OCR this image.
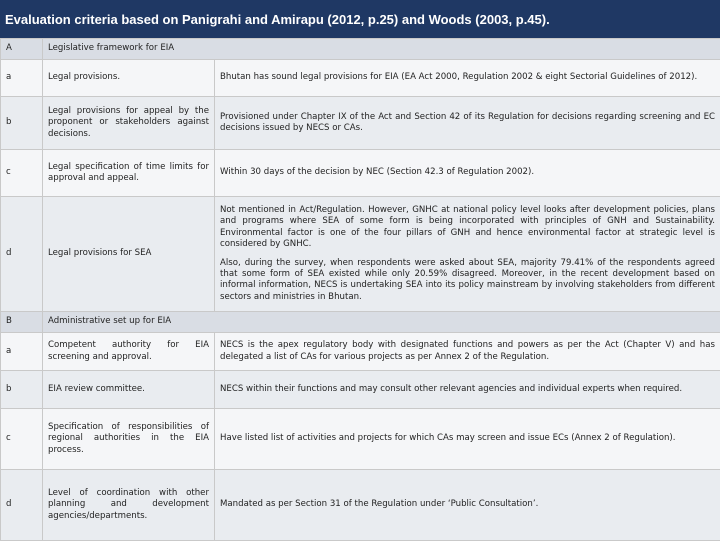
Evaluation criteria based on Panigrahi and Amirapu (2012, p.25) and Woods (2003, p.45).
A	Legislative framework for EIA	
a	Legal provisions.	Bhutan has sound legal provisions for EIA (EA Act 2000, Regulation 2002 & eight Sectorial Guidelines of 2012).

b	Legal provisions for appeal by the proponent or stakeholders against decisions.	Provisioned under Chapter IX of the Act and Section 42 of its Regulation for decisions regarding screening and EC decisions issued by NECS or CAs.

c	Legal specification of time limits for approval and appeal.	Within 30 days of the decision by NEC (Section 42.3 of Regulation 2002).

d	Legal provisions for SEA	Not mentioned in Act/Regulation. However, GNHC at national policy level looks after development policies, plans and programs where SEA of some form is being incorporated with principles of GNH and Sustainability. Environmental factor is one of the four pillars of GNH and hence environmental factor at strategic level is considered by GNHC.

Also, during the survey, when respondents were asked about SEA, majority 79.41% of the respondents agreed that some form of SEA existed while only 20.59% disagreed. Moreover, in the recent development based on informal information, NECS is undertaking SEA into its policy mainstream by involving stakeholders from different sectors and ministries in Bhutan.

B	Administrative set up for EIA	
a	Competent authority for EIA screening and approval.	NECS is the apex regulatory body with designated functions and powers as per the Act (Chapter V) and has delegated a list of CAs for various projects as per Annex 2 of the Regulation.

b	EIA review committee.	NECS within their functions and may consult other relevant agencies and individual experts when required.

c	Specification of responsibilities of regional authorities in the EIA process.	Have listed list of activities and projects for which CAs may screen and issue ECs (Annex 2 of Regulation).

d	Level of coordination with other planning and development agencies/departments.	Mandated as per Section 31 of the Regulation under ‘Public Consultation’.
